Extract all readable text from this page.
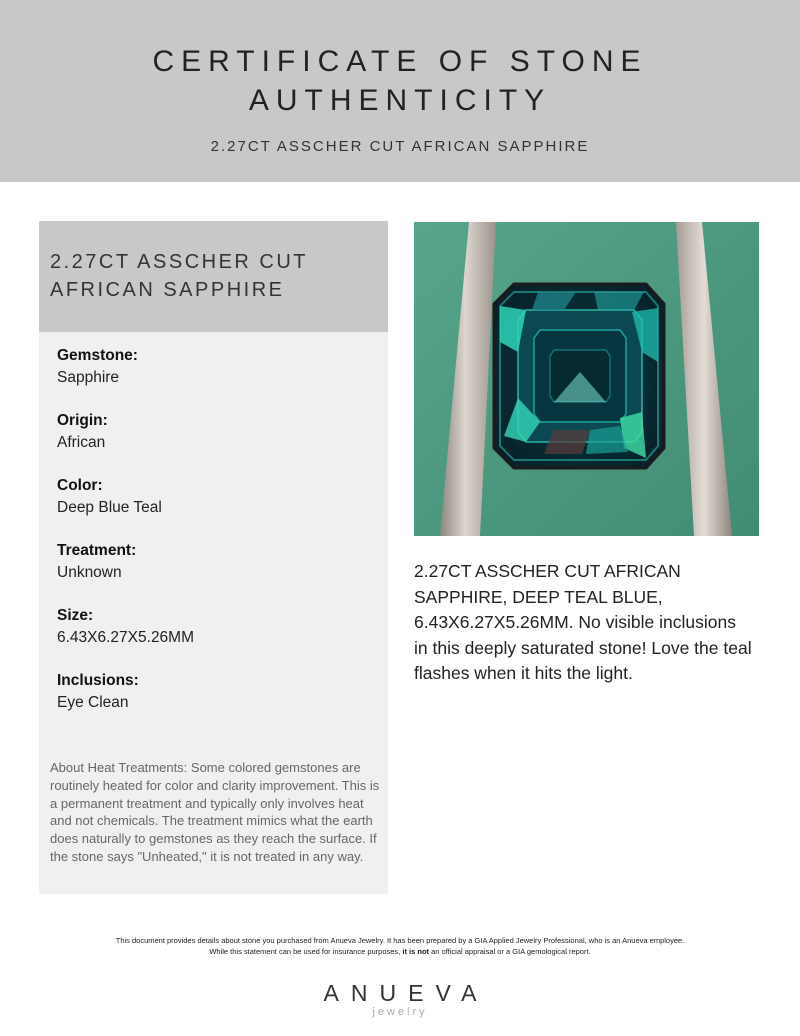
CERTIFICATE OF STONE
AUTHENTICITY
2.27CT ASSCHER CUT AFRICAN SAPPHIRE
2.27CT ASSCHER CUT
AFRICAN SAPPHIRE
Gemstone:
Sapphire
Origin:
African
Color:
Deep Blue Teal
Treatment:
Unknown
Size:
6.43X6.27X5.26MM
Inclusions:
Eye Clean

About Heat Treatments: Some colored gemstones are routinely heated for color and clarity improvement. This is a permanent treatment and typically only involves heat and not chemicals. The treatment mimics what the earth does naturally to gemstones as they reach the surface. If the stone says "Unheated," it is not treated in any way.

2.27CT ASSCHER CUT AFRICAN SAPPHIRE, DEEP TEAL BLUE, 6.43X6.27X5.26MM. No visible inclusions in this deeply saturated stone! Love the teal flashes when it hits the light.

This document provides details about stone you purchased from Anueva Jewelry. It has been prepared by a GIA Applied Jewelry Professional, who is an Anueva employee.
While this statement can be used for insurance purposes, it is not an official appraisal or a GIA gemological report.
ANUEVA
jewelry
